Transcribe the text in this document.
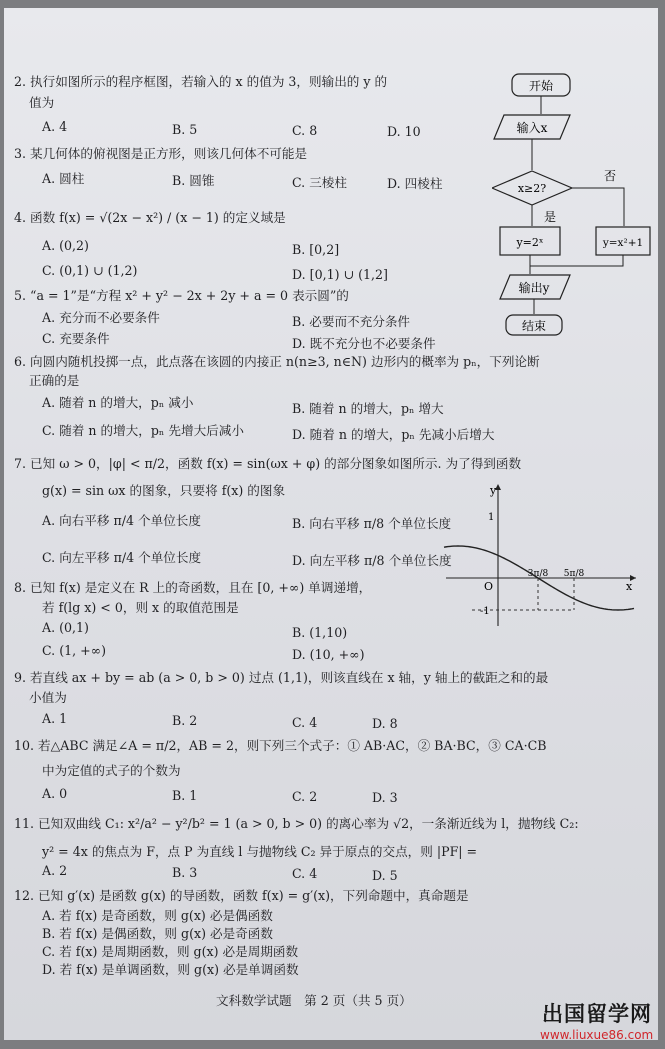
2. 执行如图所示的程序框图，若输入的 x 的值为 3，则输出的 y 的
值为
A. 4	B. 5	C. 8	D. 10
3. 某几何体的俯视图是正方形，则该几何体不可能是
A. 圆柱	B. 圆锥	C. 三棱柱	D. 四棱柱
4. 函数 f(x) = √(2x − x²) / (x − 1) 的定义域是
A. (0,2)	B. [0,2]
C. (0,1) ∪ (1,2)	D. [0,1) ∪ (1,2]
5. “a = 1”是“方程 x² + y² − 2x + 2y + a = 0 表示圆”的
A. 充分而不必要条件	B. 必要而不充分条件
C. 充要条件	D. 既不充分也不必要条件
6. 向圆内随机投掷一点，此点落在该圆的内接正 n(n≥3, n∈N) 边形内的概率为 pₙ，下列论断
正确的是
A. 随着 n 的增大，pₙ 减小	B. 随着 n 的增大，pₙ 增大
C. 随着 n 的增大，pₙ 先增大后减小	D. 随着 n 的增大，pₙ 先减小后增大
7. 已知 ω > 0，|φ| < π/2，函数 f(x) = sin(ωx + φ) 的部分图象如图所示. 为了得到函数
g(x) = sin ωx 的图象，只要将 f(x) 的图象
A. 向右平移 π/4 个单位长度	B. 向右平移 π/8 个单位长度
C. 向左平移 π/4 个单位长度	D. 向左平移 π/8 个单位长度
8. 已知 f(x) 是定义在 R 上的奇函数，且在 [0, +∞) 单调递增，
若 f(lg x) < 0，则 x 的取值范围是
A. (0,1)	B. (1,10)
C. (1, +∞)	D. (10, +∞)
9. 若直线 ax + by = ab (a > 0, b > 0) 过点 (1,1)，则该直线在 x 轴，y 轴上的截距之和的最
小值为
A. 1	B. 2	C. 4	D. 8
10. 若△ABC 满足∠A = π/2，AB = 2，则下列三个式子：① AB·AC，② BA·BC，③ CA·CB
中为定值的式子的个数为
A. 0	B. 1	C. 2	D. 3
11. 已知双曲线 C₁: x²/a² − y²/b² = 1 (a > 0, b > 0) 的离心率为 √2，一条渐近线为 l，抛物线 C₂:
y² = 4x 的焦点为 F，点 P 为直线 l 与抛物线 C₂ 异于原点的交点，则 |PF| =
A. 2	B. 3	C. 4	D. 5
12. 已知 g′(x) 是函数 g(x) 的导函数，函数 f(x) = g′(x)，下列命题中，真命题是
A. 若 f(x) 是奇函数，则 g(x) 必是偶函数
B. 若 f(x) 是偶函数，则 g(x) 必是奇函数
C. 若 f(x) 是周期函数，则 g(x) 必是周期函数
D. 若 f(x) 是单调函数，则 g(x) 必是单调函数
文科数学试题　第 2 页（共 5 页）
开始
输入x
x≥2?
否
是
y=2ˣ	y=x²+1
输出y
结束
y
x
O
1
-1
3π/8 5π/8
出国留学网
www.liuxue86.com
